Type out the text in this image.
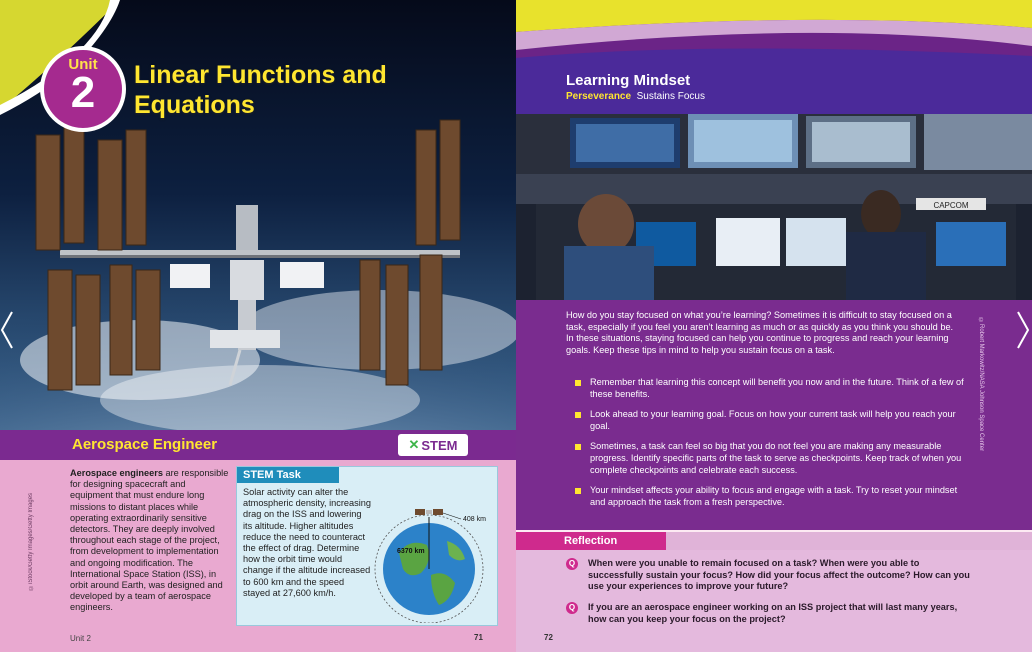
Unit
2	Linear Functions and Equations
Aerospace Engineer	✕ STEM
©iStock/Getty Images/Getty Images
Aerospace engineers are responsible for designing spacecraft and equipment that must endure long missions to distant places while operating extraordinarily sensitive detectors. They are deeply involved throughout each stage of the project, from development to implementation and ongoing modification. The International Space Station (ISS), in orbit around Earth, was designed and developed by a team of aerospace engineers.
STEM Task
Solar activity can alter the atmospheric density, increasing drag on the ISS and lowering its altitude. Higher altitudes reduce the need to counteract the effect of drag. Determine how the orbit time would change if the altitude increased to 600 km and the speed stayed at 27,600 km/h.
408 km
6370 km
Unit 2	71
Learning Mindset
Perseverance Sustains Focus
CAPCOM
How do you stay focused on what you’re learning? Sometimes it is difficult to stay focused on a task, especially if you feel you aren’t learning as much or as quickly as you think you should be. In these situations, staying focused can help you continue to progress and reach your learning goals. Keep these tips in mind to help you sustain focus on a task.
Remember that learning this concept will benefit you now and in the future. Think of a few of these benefits.
Look ahead to your learning goal. Focus on how your current task will help you reach your goal.
Sometimes, a task can feel so big that you do not feel you are making any measurable progress. Identify specific parts of the task to serve as checkpoints. Keep track of when you complete checkpoints and celebrate each success.
Your mindset affects your ability to focus and engage with a task. Try to reset your mindset and approach the task from a fresh perspective.
©Robert Markowitz/NASA Johnson Space Center
Reflection
Q	When were you unable to remain focused on a task? When were you able to successfully sustain your focus? How did your focus affect the outcome? How can you use your experiences to improve your future?
Q	If you are an aerospace engineer working on an ISS project that will last many years, how can you keep your focus on the project?
72
